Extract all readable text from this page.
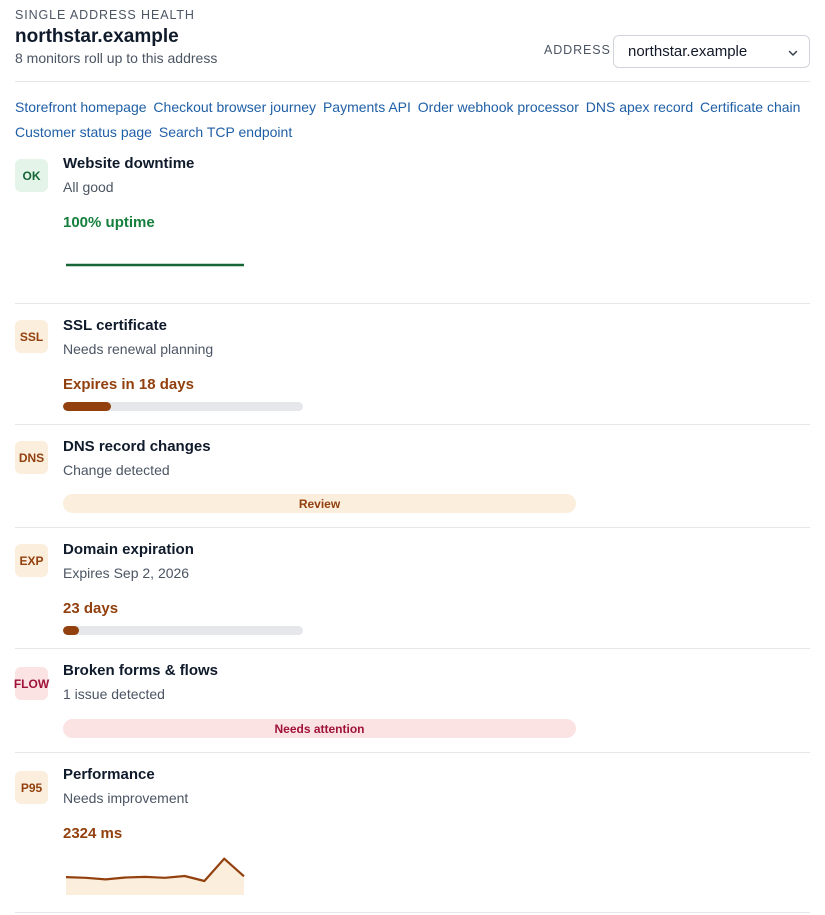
SINGLE ADDRESS HEALTH
northstar.example
8 monitors roll up to this address	ADDRESS northstar.example
Storefront homepage Checkout browser journey Payments API Order webhook processor DNS apex record Certificate chain Customer status page Search TCP endpoint
OK
Website downtime
All good
100% uptime
SSL
SSL certificate
Needs renewal planning
Expires in 18 days
DNS
DNS record changes
Change detected
Review
EXP
Domain expiration
Expires Sep 2, 2026
23 days
FLOW
Broken forms & flows
1 issue detected
Needs attention
P95
Performance
Needs improvement
2324 ms
